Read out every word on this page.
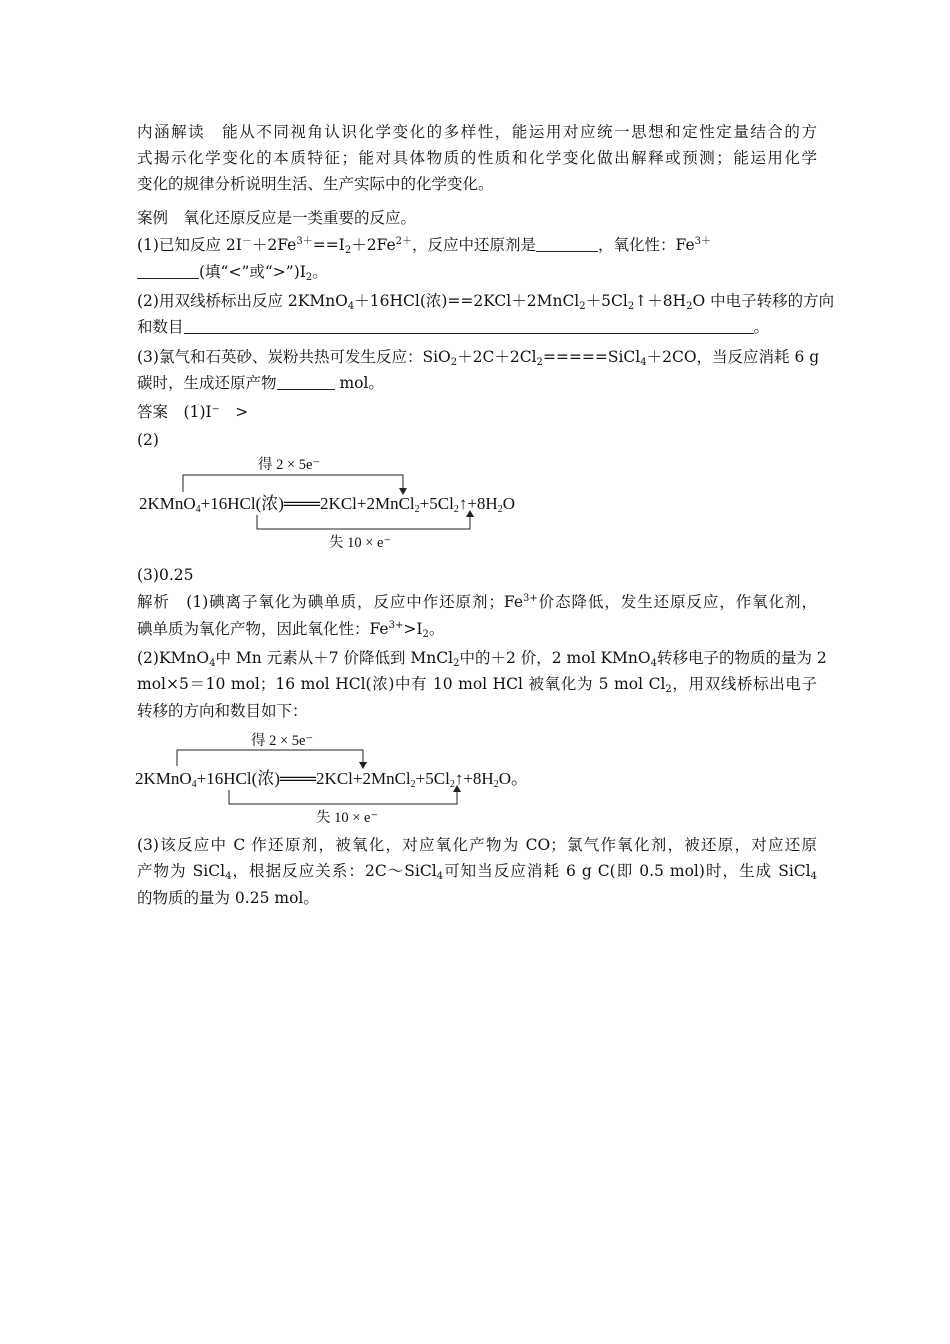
内涵解读　 能从不同视角认识化学变化的多样性，能运用对应统一思想和定性定量结合的方
式揭示化学变化的本质特征；能对具体物质的性质和化学变化做出解释或预测；能运用化学
变化的规律分析说明生活、生产实际中的化学变化。
案例　 氧化还原反应是一类重要的反应。
(1)已知反应 $2I^-+2Fe^{3+}==I_2+2Fe^{2+}$，反应中还原剂是	，氧化性：$Fe^{3+}$
(填“<”或“$>”)I_2$。
(2)用双线桥标出反应 2KMnO$_4$＋16HCl(浓)$==2KCl+2MnCl_2+5Cl_2↑+8H_2O$ 中电子转移的方向
和数目	。
(3)氯气和石英砂、炭粉共热可发生反应：$SiO_2+2C+2Cl_2=====SiCl_4+2CO$，当反应消耗 6 g
碳时，生成还原产物	mol。
答案　 (1)I⁻　>
(2)
得 2 × 5e⁻
2KMnO$_4$+16HCl(浓)$═══2KCl+2MnCl_2+5Cl_2↑+8H_2O$
失 10 × e⁻
(3)0.25
解析　 (1)碘离子氧化为碘单质，反应中作还原剂；$Fe^{3+}$价态降低，发生还原反应，作氧化剂，
碘单质为氧化产物，因此氧化性：$Fe^{3+}>I_2$。
(2)KMnO$_4$中 Mn 元素从＋7 价降低到 MnCl$_2$中的＋2 价，2 mol KMnO$_4$转移电子的物质的量为 2
mol×5＝10 mol；16 mol HCl(浓)中有 10 mol HCl 被氧化为 5 mol $Cl_2$，用双线桥标出电子
转移的方向和数目如下：
得 2 × 5e⁻
2KMnO$_4$+16HCl(浓)$═══2KCl+2MnCl_2+5Cl_2↑+8H_2O$。
失 10 × e⁻
(3)该反应中 C 作还原剂，被氧化，对应氧化产物为 CO；氯气作氧化剂，被还原，对应还原
产物为 SiCl$_4$，根据反应关系：2C～SiCl$_4$可知当反应消耗 6 g C(即 0.5 mol)时，生成 SiCl$_4$
的物质的量为 0.25 mol。
